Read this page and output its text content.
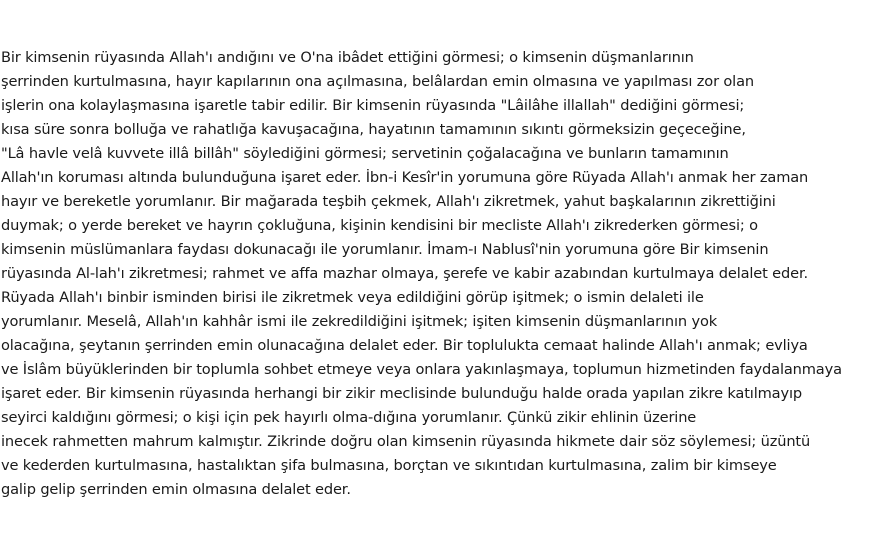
Bir kimsenin rüyasında Allah'ı andığını ve O'na ibâdet ettiğini görmesi; o kimsenin düşmanlarının
şerrinden kurtulmasına, hayır kapılarının ona açılmasına, belâlardan emin olmasına ve yapılması zor olan
işlerin ona kolaylaşmasına işaretle tabir edilir. Bir kimsenin rüyasında "Lâilâhe illallah" dediğini görmesi;
kısa süre sonra bolluğa ve rahatlığa kavuşacağına, hayatının tamamının sıkıntı görmeksizin geçeceğine,
"Lâ havle velâ kuvvete illâ billâh" söylediğini görmesi; servetinin çoğalacağına ve bunların tamamının
Allah'ın koruması altında bulunduğuna işaret eder. İbn-i Kesîr'in yorumuna göre Rüyada Allah'ı anmak her zaman
hayır ve bereketle yorumlanır. Bir mağarada teşbih çekmek, Allah'ı zikretmek, yahut başkalarının zikrettiğini
duymak; o yerde bereket ve hayrın çokluğuna, kişinin kendisini bir mecliste Allah'ı zikrederken görmesi; o
kimsenin müslümanlara faydası dokunacağı ile yorumlanır. İmam-ı Nablusî'nin yorumuna göre Bir kimsenin
rüyasında Al-lah'ı zikretmesi; rahmet ve affa mazhar olmaya, şerefe ve kabir azabından kurtulmaya delalet eder.
Rüyada Allah'ı binbir isminden birisi ile zikretmek veya edildiğini görüp işitmek; o ismin delaleti ile
yorumlanır. Meselâ, Allah'ın kahhâr ismi ile zekredildiğini işitmek; işiten kimsenin düşmanlarının yok
olacağına, şeytanın şerrinden emin olunacağına delalet eder. Bir toplulukta cemaat halinde Allah'ı anmak; evliya
ve İslâm büyüklerinden bir toplumla sohbet etmeye veya onlara yakınlaşmaya, toplumun hizmetinden faydalanmaya
işaret eder. Bir kimsenin rüyasında herhangi bir zikir meclisinde bulunduğu halde orada yapılan zikre katılmayıp
seyirci kaldığını görmesi; o kişi için pek hayırlı olma-dığına yorumlanır. Çünkü zikir ehlinin üzerine
inecek rahmetten mahrum kalmıştır. Zikrinde doğru olan kimsenin rüyasında hikmete dair söz söylemesi; üzüntü
ve kederden kurtulmasına, hastalıktan şifa bulmasına, borçtan ve sıkıntıdan kurtulmasına, zalim bir kimseye
galip gelip şerrinden emin olmasına delalet eder.
